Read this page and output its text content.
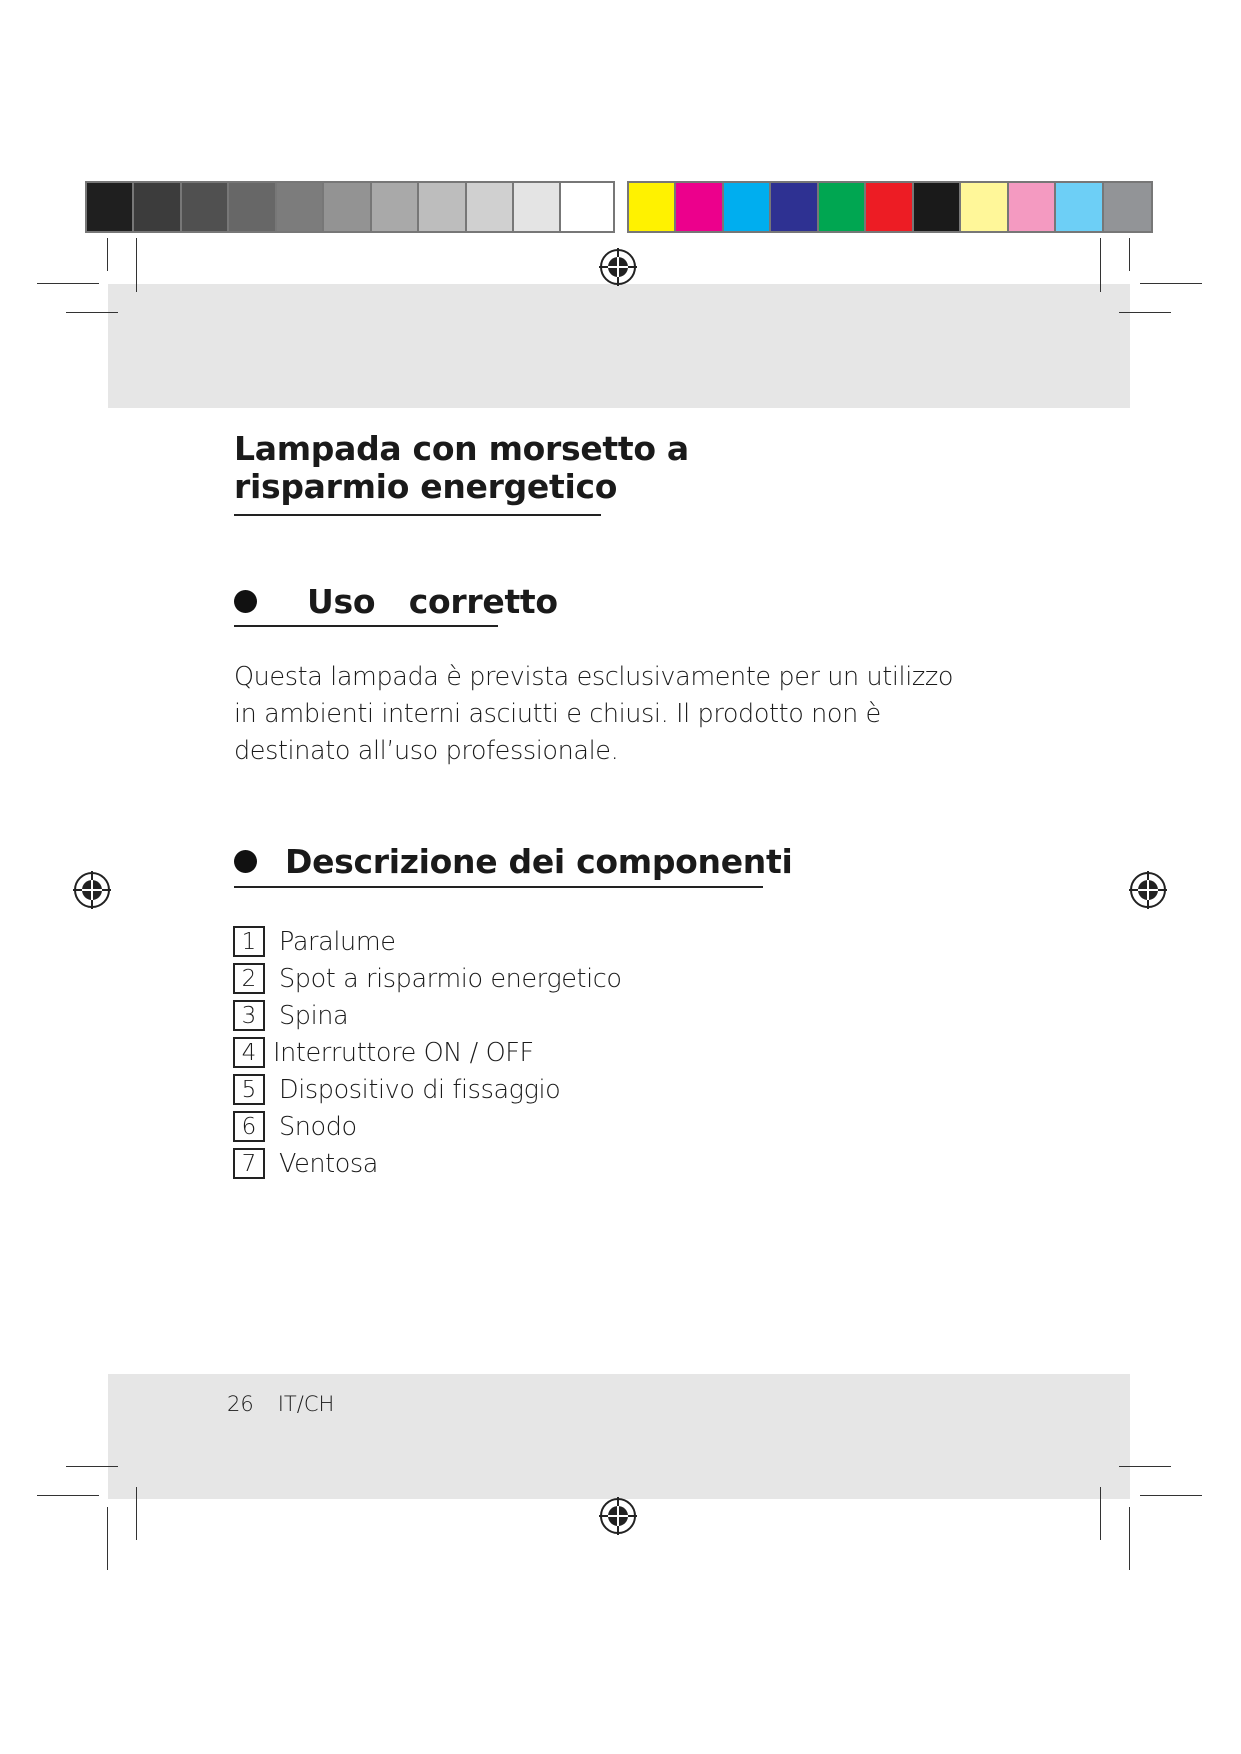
Lampada con morsetto a
risparmio energetico
Uso   corretto

Questa lampada è prevista esclusivamente per un utilizzo in ambienti interni asciutti e chiusi. Il prodotto non è destinato all’uso professionale.

Descrizione dei componenti
1 Paralume
2 Spot a risparmio energetico
3 Spina
4 Interruttore ON / OFF
5 Dispositivo di fissaggio
6 Snodo
7 Ventosa
26 IT/CH
